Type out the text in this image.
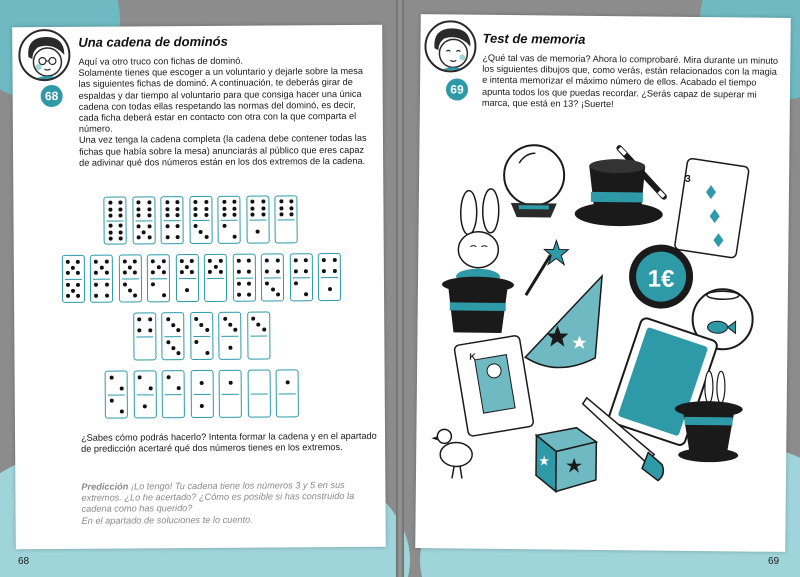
68
Una cadena de dominós

Aquí va otro truco con fichas de dominó.

Solamente tienes que escoger a un voluntario y dejarle sobre la mesa las siguientes fichas de dominó. A continuación, te deberás girar de espaldas y dar tiempo al voluntario para que consiga hacer una única cadena con todas ellas respetando las normas del dominó, es decir, cada ficha deberá estar en contacto con otra con la que comparta el número.

Una vez tenga la cadena completa (la cadena debe contener todas las fichas que había sobre la mesa) anunciarás al público que eres capaz de adivinar qué dos números están en los dos extremos de la cadena.

¿Sabes cómo podrás hacerlo? Intenta formar la cadena y en el apartado de predicción acertaré qué dos números tienes en los extremos.

Predicción ¡Lo tengo! Tu cadena tiene los números 3 y 5 en sus extremos. ¿Lo he acertado? ¿Cómo es posible si has construido la cadena como has querido?

En el apartado de soluciones te lo cuento.

68
69
Test de memoria
¿Qué tal vas de memoria? Ahora lo comprobaré. Mira durante un minuto los siguientes dibujos que, como verás, están relacionados con la magia e intenta memorizar el máximo número de ellos. Acabado el tiempo apunta todos los que puedas recordar. ¿Serás capaz de superar mi marca, que está en 13? ¡Suerte!
3
1€
K
69
